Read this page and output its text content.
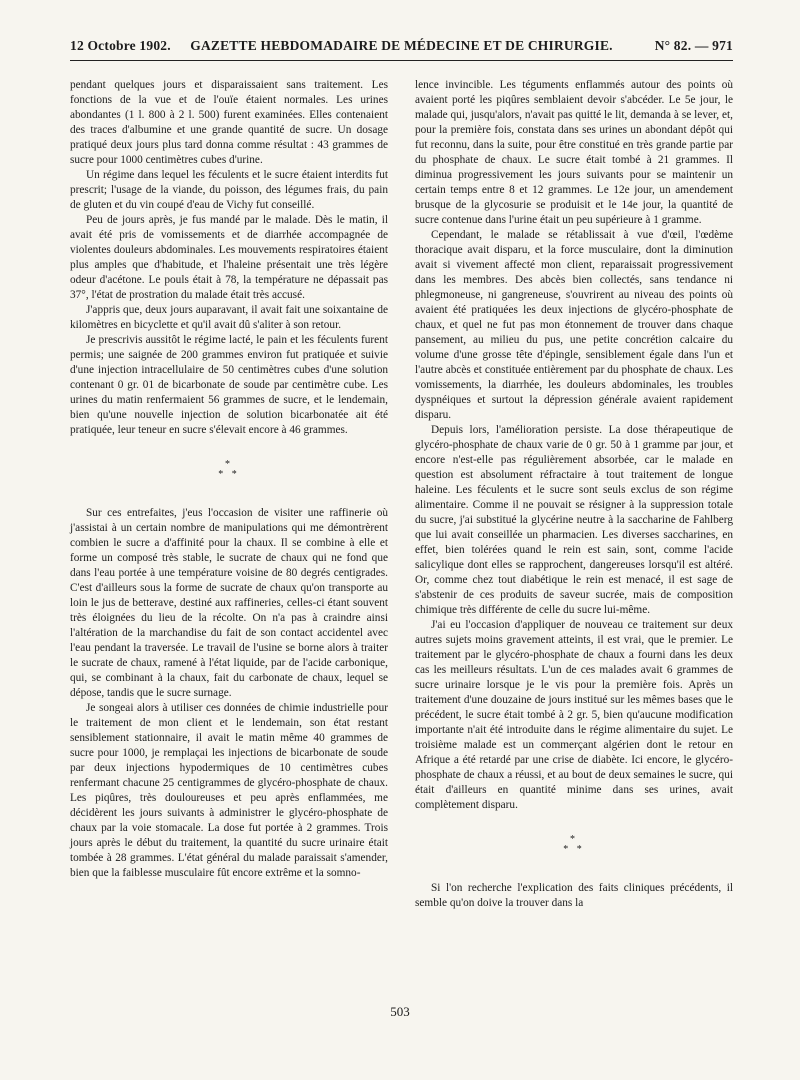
12 Octobre 1902.	GAZETTE HEBDOMADAIRE DE MÉDECINE ET DE CHIRURGIE.	N° 82. — 971

pendant quelques jours et disparaissaient sans traitement. Les fonctions de la vue et de l'ouïe étaient normales. Les urines abondantes (1 l. 800 à 2 l. 500) furent examinées. Elles contenaient des traces d'albumine et une grande quantité de sucre. Un dosage pratiqué deux jours plus tard donna comme résultat : 43 grammes de sucre pour 1000 centimètres cubes d'urine.

Un régime dans lequel les féculents et le sucre étaient interdits fut prescrit; l'usage de la viande, du poisson, des légumes frais, du pain de gluten et du vin coupé d'eau de Vichy fut conseillé.

Peu de jours après, je fus mandé par le malade. Dès le matin, il avait été pris de vomissements et de diarrhée accompagnée de violentes douleurs abdominales. Les mouvements respiratoires étaient plus amples que d'habitude, et l'haleine présentait une très légère odeur d'acétone. Le pouls était à 78, la température ne dépassait pas 37°, l'état de prostration du malade était très accusé.

J'appris que, deux jours auparavant, il avait fait une soixantaine de kilomètres en bicyclette et qu'il avait dû s'aliter à son retour.

Je prescrivis aussitôt le régime lacté, le pain et les féculents furent permis; une saignée de 200 grammes environ fut pratiquée et suivie d'une injection intracellulaire de 50 centimètres cubes d'une solution contenant 0 gr. 01 de bicarbonate de soude par centimètre cube. Les urines du matin renfermaient 56 grammes de sucre, et le lendemain, bien qu'une nouvelle injection de solution bicarbonatée ait été pratiquée, leur teneur en sucre s'élevait encore à 46 grammes.

*
* *

Sur ces entrefaites, j'eus l'occasion de visiter une raffinerie où j'assistai à un certain nombre de manipulations qui me démontrèrent combien le sucre a d'affinité pour la chaux. Il se combine à elle et forme un composé très stable, le sucrate de chaux qui ne fond que dans l'eau portée à une température voisine de 80 degrés centigrades. C'est d'ailleurs sous la forme de sucrate de chaux qu'on transporte au loin le jus de betterave, destiné aux raffineries, celles-ci étant souvent très éloignées du lieu de la récolte. On n'a pas à craindre ainsi l'altération de la marchandise du fait de son contact accidentel avec l'eau pendant la traversée. Le travail de l'usine se borne alors à traiter le sucrate de chaux, ramené à l'état liquide, par de l'acide carbonique, qui, se combinant à la chaux, fait du carbonate de chaux, lequel se dépose, tandis que le sucre surnage.

Je songeai alors à utiliser ces données de chimie industrielle pour le traitement de mon client et le lendemain, son état restant sensiblement stationnaire, il avait le matin même 40 grammes de sucre pour 1000, je remplaçai les injections de bicarbonate de soude par deux injections hypodermiques de 10 centimètres cubes renfermant chacune 25 centigrammes de glycéro-phosphate de chaux. Les piqûres, très douloureuses et peu après enflammées, me décidèrent les jours suivants à administrer le glycéro-phosphate de chaux par la voie stomacale. La dose fut portée à 2 grammes. Trois jours après le début du traitement, la quantité du sucre urinaire était tombée à 28 grammes. L'état général du malade paraissait s'amender, bien que la faiblesse musculaire fût encore extrême et la somno-

lence invincible. Les téguments enflammés autour des points où avaient porté les piqûres semblaient devoir s'abcéder. Le 5e jour, le malade qui, jusqu'alors, n'avait pas quitté le lit, demanda à se lever, et, pour la première fois, constata dans ses urines un abondant dépôt qui fut reconnu, dans la suite, pour être constitué en très grande partie par du phosphate de chaux. Le sucre était tombé à 21 grammes. Il diminua progressivement les jours suivants pour se maintenir un certain temps entre 8 et 12 grammes. Le 12e jour, un amendement brusque de la glycosurie se produisit et le 14e jour, la quantité de sucre contenue dans l'urine était un peu supérieure à 1 gramme.

Cependant, le malade se rétablissait à vue d'œil, l'œdème thoracique avait disparu, et la force musculaire, dont la diminution avait si vivement affecté mon client, reparaissait progressivement dans les membres. Des abcès bien collectés, sans tendance ni phlegmoneuse, ni gangreneuse, s'ouvrirent au niveau des points où avaient été pratiquées les deux injections de glycéro-phosphate de chaux, et quel ne fut pas mon étonnement de trouver dans chaque pansement, au milieu du pus, une petite concrétion calcaire du volume d'une grosse tête d'épingle, sensiblement égale dans l'un et l'autre abcès et constituée entièrement par du phosphate de chaux. Les vomissements, la diarrhée, les douleurs abdominales, les troubles dyspnéiques et surtout la dépression générale avaient rapidement disparu.

Depuis lors, l'amélioration persiste. La dose thérapeutique de glycéro-phosphate de chaux varie de 0 gr. 50 à 1 gramme par jour, et encore n'est-elle pas régulièrement absorbée, car le malade en question est absolument réfractaire à tout traitement de longue haleine. Les féculents et le sucre sont seuls exclus de son régime alimentaire. Comme il ne pouvait se résigner à la suppression totale du sucre, j'ai substitué la glycérine neutre à la saccharine de Fahlberg que lui avait conseillée un pharmacien. Les diverses saccharines, en effet, bien tolérées quand le rein est sain, sont, comme l'acide salicylique dont elles se rapprochent, dangereuses lorsqu'il est altéré. Or, comme chez tout diabétique le rein est menacé, il est sage de s'abstenir de ces produits de saveur sucrée, mais de composition chimique très différente de celle du sucre lui-même.

J'ai eu l'occasion d'appliquer de nouveau ce traitement sur deux autres sujets moins gravement atteints, il est vrai, que le premier. Le traitement par le glycéro-phosphate de chaux a fourni dans les deux cas les meilleurs résultats. L'un de ces malades avait 6 grammes de sucre urinaire lorsque je le vis pour la première fois. Après un traitement d'une douzaine de jours institué sur les mêmes bases que le précédent, le sucre était tombé à 2 gr. 5, bien qu'aucune modification importante n'ait été introduite dans le régime alimentaire du sujet. Le troisième malade est un commerçant algérien dont le retour en Afrique a été retardé par une crise de diabète. Ici encore, le glycéro-phosphate de chaux a réussi, et au bout de deux semaines le sucre, qui était d'ailleurs en quantité minime dans ses urines, avait complètement disparu.

*
* *

Si l'on recherche l'explication des faits cliniques précédents, il semble qu'on doive la trouver dans la

503
